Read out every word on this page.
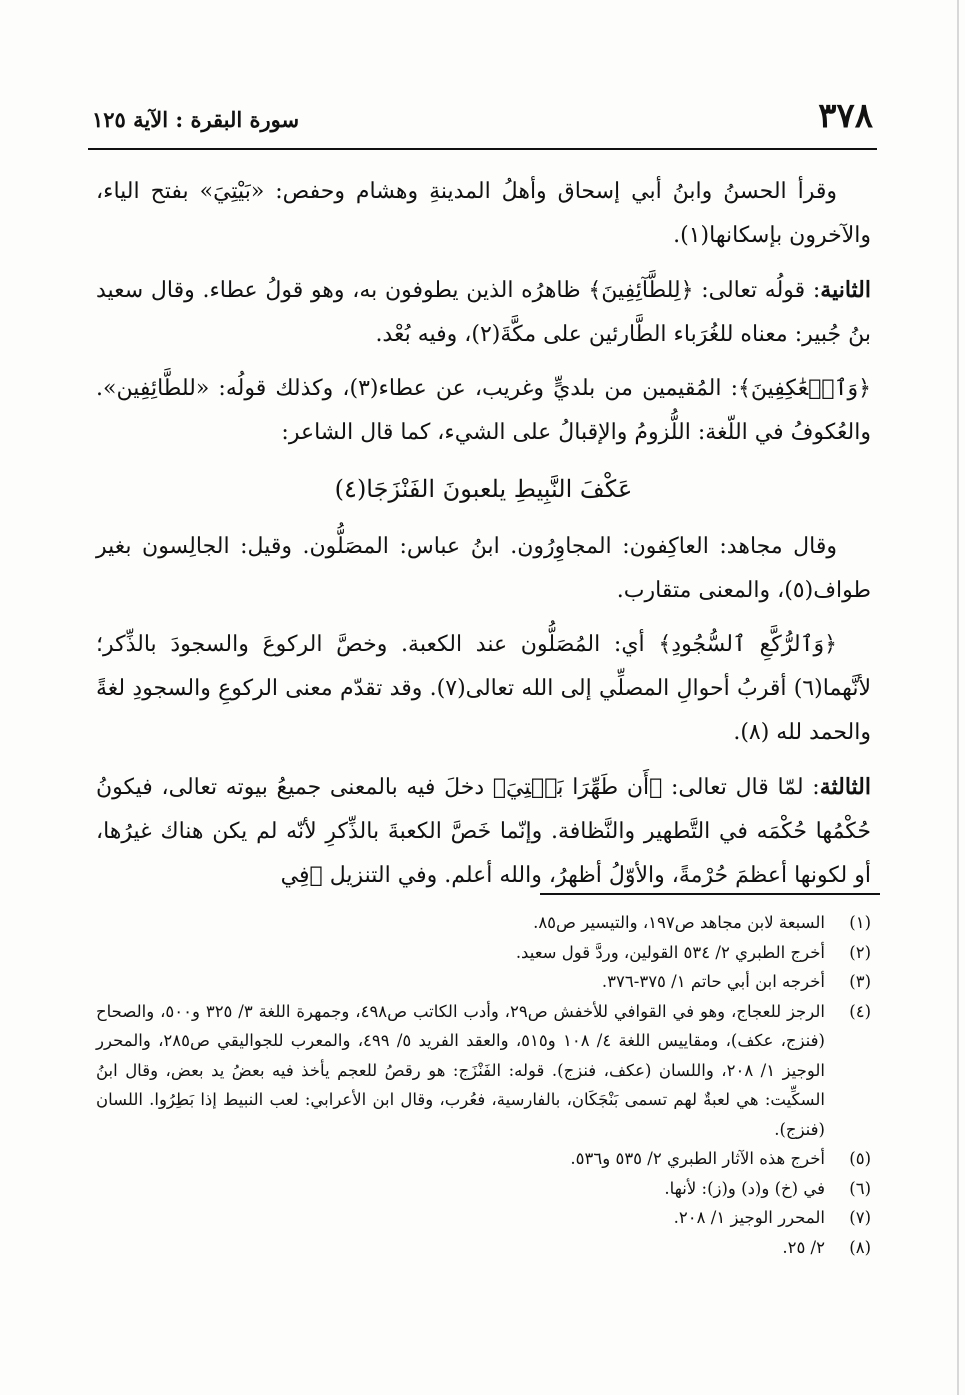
٣٧٨
سورة البقرة : الآية ١٢٥

وقرأ الحسنُ وابنُ أبي إسحاق وأهلُ المدينةِ وهشام وحفص: «بَيْتِيَ» بفتح الياء، والآخرون بإسكانها(١).

الثانية: قولُه تعالى: ﴿لِلطَّآئِفِينَ﴾ ظاهرُه الذين يطوفون به، وهو قولُ عطاء. وقال سعيد بنُ جُبير: معناه للغُرَباء الطَّارئين على مكَّةَ(٢)، وفيه بُعْد.

﴿وَٱلۡعَٰكِفِينَ﴾: المُقيمين من بلديٍّ وغريب، عن عطاء(٣)، وكذلك قولُه: «للطَّائِفِين». والعُكوفُ في اللّغة: اللُّزومُ والإقبالُ على الشيء، كما قال الشاعر:

عَكْفَ النَّبِيطِ يلعبونَ الفَنْزَجَا(٤)

وقال مجاهد: العاكِفون: المجاوِرُون. ابنُ عباس: المصَلُّون. وقيل: الجالِسون بغير طواف(٥)، والمعنى متقارب.

﴿وَٱلرُّكَّعِ ٱلسُّجُودِ﴾ أي: المُصَلُّون عند الكعبة. وخصَّ الركوعَ والسجودَ بالذِّكر؛ لأنَّهما(٦) أقربُ أحوالِ المصلِّي إلى الله تعالى(٧). وقد تقدّم معنى الركوعِ والسجودِ لغةً والحمد لله (٨).

الثالثة: لمّا قال تعالى: ﴿أَن طَهِّرَا بَيۡتِيَ﴾ دخلَ فيه بالمعنى جميعُ بيوته تعالى، فيكونُ حُكْمُها حُكْمَه في التَّطهير والنَّظافة. وإنّما خَصَّ الكعبةَ بالذِّكرِ لأنّه لم يكن هناك غيرُها، أو لكونها أعظمَ حُرْمةً، والأوّلُ أظهرُ، والله أعلم. وفي التنزيل ﴿فِي

(١)
السبعة لابن مجاهد ص١٩٧، والتيسير ص٨٥.
(٢)
أخرج الطبري ٢/ ٥٣٤ القولين، وردَّ قول سعيد.
(٣)
أخرجه ابن أبي حاتم ١/ ٣٧٥-٣٧٦.
(٤)
الرجز للعجاج، وهو في القوافي للأخفش ص٢٩، وأدب الكاتب ص٤٩٨، وجمهرة اللغة ٣/ ٣٢٥ و٥٠٠، والصحاح (فنزج، عكف)، ومقاييس اللغة ٤/ ١٠٨ و٥١٥، والعقد الفريد ٥/ ٤٩٩، والمعرب للجواليقي ص٢٨٥، والمحرر الوجيز ١/ ٢٠٨، واللسان (عكف، فنزج). قوله: الفَنْزَج: هو رقصُ للعجم يأخذ فيه بعضُ يد بعض، وقال ابنُ السكِّيت: هي لعبةٌ لهم تسمى بَنْجَكَان، بالفارسية، فعُرب، وقال ابن الأعرابي: لعب النبيط إذا بَطِرُوا. اللسان (فنزج).
(٥)
أخرج هذه الآثار الطبري ٢/ ٥٣٥ و٥٣٦.
(٦)
في (خ) و(د) و(ز): لأنها.
(٧)
المحرر الوجيز ١/ ٢٠٨.
(٨)
٢/ ٢٥.
